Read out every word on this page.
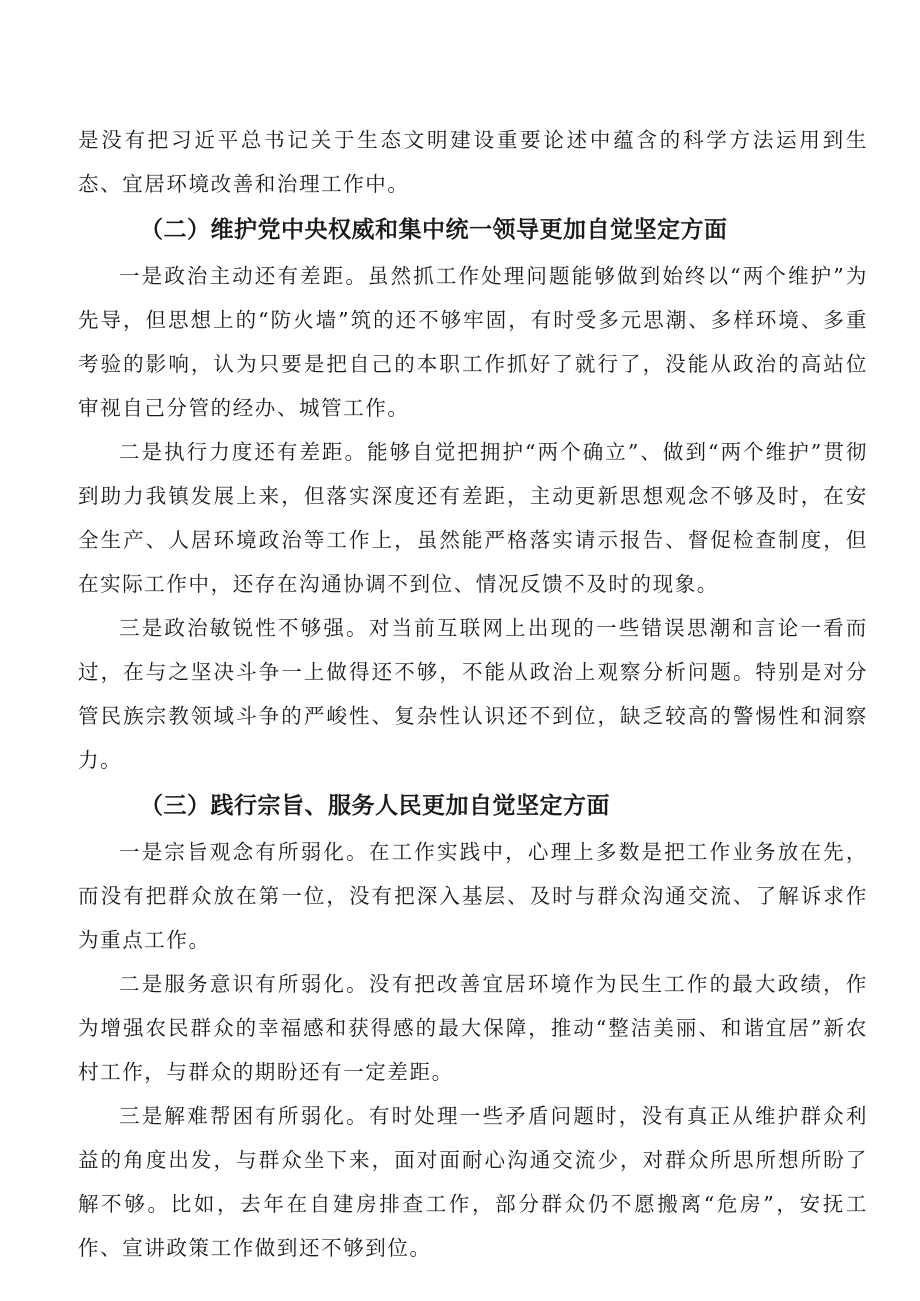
是没有把习近平总书记关于生态文明建设重要论述中蕴含的科学方法运用到生态、宜居环境改善和治理工作中。

（二）维护党中央权威和集中统一领导更加自觉坚定方面

一是政治主动还有差距。虽然抓工作处理问题能够做到始终以“两个维护”为先导，但思想上的“防火墙”筑的还不够牢固，有时受多元思潮、多样环境、多重考验的影响，认为只要是把自己的本职工作抓好了就行了，没能从政治的高站位审视自己分管的经办、城管工作。

二是执行力度还有差距。能够自觉把拥护“两个确立”、做到“两个维护”贯彻到助力我镇发展上来，但落实深度还有差距，主动更新思想观念不够及时，在安全生产、人居环境政治等工作上，虽然能严格落实请示报告、督促检查制度，但在实际工作中，还存在沟通协调不到位、情况反馈不及时的现象。

三是政治敏锐性不够强。对当前互联网上出现的一些错误思潮和言论一看而过，在与之坚决斗争一上做得还不够，不能从政治上观察分析问题。特别是对分管民族宗教领域斗争的严峻性、复杂性认识还不到位，缺乏较高的警惕性和洞察力。

（三）践行宗旨、服务人民更加自觉坚定方面

一是宗旨观念有所弱化。在工作实践中，心理上多数是把工作业务放在先，而没有把群众放在第一位，没有把深入基层、及时与群众沟通交流、了解诉求作为重点工作。

二是服务意识有所弱化。没有把改善宜居环境作为民生工作的最大政绩，作为增强农民群众的幸福感和获得感的最大保障，推动“整洁美丽、和谐宜居”新农村工作，与群众的期盼还有一定差距。

三是解难帮困有所弱化。有时处理一些矛盾问题时，没有真正从维护群众利益的角度出发，与群众坐下来，面对面耐心沟通交流少，对群众所思所想所盼了解不够。比如，去年在自建房排查工作，部分群众仍不愿搬离“危房”，安抚工作、宣讲政策工作做到还不够到位。
